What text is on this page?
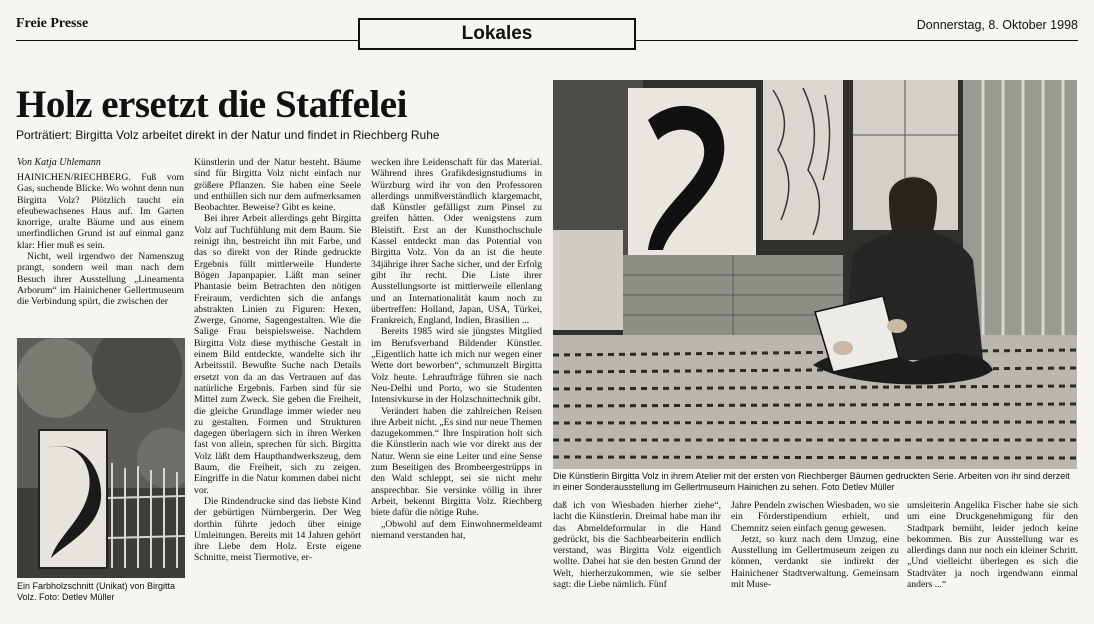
Freie Presse	Lokales	Donnerstag, 8. Oktober 1998
Holz ersetzt die Staffelei
Porträtiert: Birgitta Volz arbeitet direkt in der Natur und findet in Riechberg Ruhe
Von Katja Uhlemann

HAINICHEN/RIECHBERG. Fuß vom Gas, suchende Blicke. Wo wohnt denn nun Birgitta Volz? Plötzlich taucht ein efeubewachsenes Haus auf. Im Garten knorrige, uralte Bäume und aus einem unerfindlichen Grund ist auf einmal ganz klar: Hier muß es sein.

Nicht, weil irgendwo der Namenszug prangt, sondern weil man nach dem Besuch ihrer Ausstellung „Lineamenta Arborum“ im Hainichener Gellertmuseum die Verbindung spürt, die zwischen der

Ein Farbholzschnitt (Unikat) von Birgitta Volz. Foto: Detlev Müller

Künstlerin und der Natur besteht. Bäume sind für Birgitta Volz nicht einfach nur größere Pflanzen. Sie haben eine Seele und enthüllen sich nur dem aufmerksamen Beobachter. Beweise? Gibt es keine.

Bei ihrer Arbeit allerdings geht Birgitta Volz auf Tuchfühlung mit dem Baum. Sie reinigt ihn, bestreicht ihn mit Farbe, und das so direkt von der Rinde gedruckte Ergebnis füllt mittlerweile Hunderte Bögen Japanpapier. Läßt man seiner Phantasie beim Betrachten den nötigen Freiraum, verdichten sich die anfangs abstrakten Linien zu Figuren: Hexen, Zwerge, Gnome, Sagengestalten. Wie die Salige Frau beispielsweise. Nachdem Birgitta Volz diese mythische Gestalt in einem Bild entdeckte, wandelte sich ihr Arbeitsstil. Bewußte Suche nach Details ersetzt von da an das Vertrauen auf das natürliche Ergebnis. Farben sind für sie Mittel zum Zweck. Sie geben die Freiheit, die gleiche Grundlage immer wieder neu zu gestalten. Formen und Strukturen dagegen überlagern sich in ihren Werken fast von allein, sprechen für sich. Birgitta Volz läßt dem Haupthandwerkszeug, dem Baum, die Freiheit, sich zu zeigen. Eingriffe in die Natur kommen dabei nicht vor.

Die Rindendrucke sind das liebste Kind der gebürtigen Nürnbergerin. Der Weg dorthin führte jedoch über einige Umleitungen. Bereits mit 14 Jahren gehört ihre Liebe dem Holz. Erste eigene Schnitte, meist Tiermotive, er-

wecken ihre Leidenschaft für das Material. Während ihres Grafikdesignstudiums in Würzburg wird ihr von den Professoren allerdings unmißverständlich klargemacht, daß Künstler gefälligst zum Pinsel zu greifen hätten. Oder wenigstens zum Bleistift. Erst an der Kunsthochschule Kassel entdeckt man das Potential von Birgitta Volz. Von da an ist die heute 34jährige ihrer Sache sicher, und der Erfolg gibt ihr recht. Die Liste ihrer Ausstellungsorte ist mittlerweile ellenlang und an Internationalität kaum noch zu übertreffen: Holland, Japan, USA, Türkei, Frankreich, England, Indien, Brasilien ...

Bereits 1985 wird sie jüngstes Mitglied im Berufsverband Bildender Künstler. „Eigentlich hatte ich mich nur wegen einer Wette dort beworben“, schmunzelt Birgitta Volz heute. Lehraufträge führen sie nach Neu-Delhi und Porto, wo sie Studenten Intensivkurse in der Holzschnittechnik gibt.

Verändert haben die zahlreichen Reisen ihre Arbeit nicht. „Es sind nur neue Themen dazugekommen.“ Ihre Inspiration holt sich die Künstlerin nach wie vor direkt aus der Natur. Wenn sie eine Leiter und eine Sense zum Beseitigen des Brombeergestrüpps in den Wald schleppt, sei sie nicht mehr ansprechbar. Sie versinke völlig in ihrer Arbeit, bekennt Birgitta Volz. Riechberg biete dafür die nötige Ruhe.

„Obwohl auf dem Einwohnermeldeamt niemand verstanden hat,

Die Künstlerin Birgitta Volz in ihrem Atelier mit der ersten von Riechberger Bäumen gedruckten Serie. Arbeiten von ihr sind derzeit in einer Sonderausstellung im Gellertmuseum Hainichen zu sehen. Foto Detlev Müller

daß ich von Wiesbaden hierher ziehe“, lacht die Künstlerin. Dreimal habe man ihr das Abmeldeformular in die Hand gedrückt, bis die Sachbearbeiterin endlich verstand, was Birgitta Volz eigentlich wollte. Dabei hat sie den besten Grund der Welt, hierherzukommen, wie sie selber sagt: die Liebe nämlich. Fünf

Jahre Pendeln zwischen Wiesbaden, wo sie ein Förderstipendium erhielt, und Chemnitz seien einfach genug gewesen.

Jetzt, so kurz nach dem Umzug, eine Ausstellung im Gellertmuseum zeigen zu können, verdankt sie indirekt der Hainichener Stadtverwaltung. Gemeinsam mit Muse-

umsleiterin Angelika Fischer habe sie sich um eine Druckgenehmigung für den Stadtpark bemüht, leider jedoch keine bekommen. Bis zur Ausstellung war es allerdings dann nur noch ein kleiner Schritt. „Und vielleicht überlegen es sich die Stadtväter ja noch irgendwann einmal anders ...“
